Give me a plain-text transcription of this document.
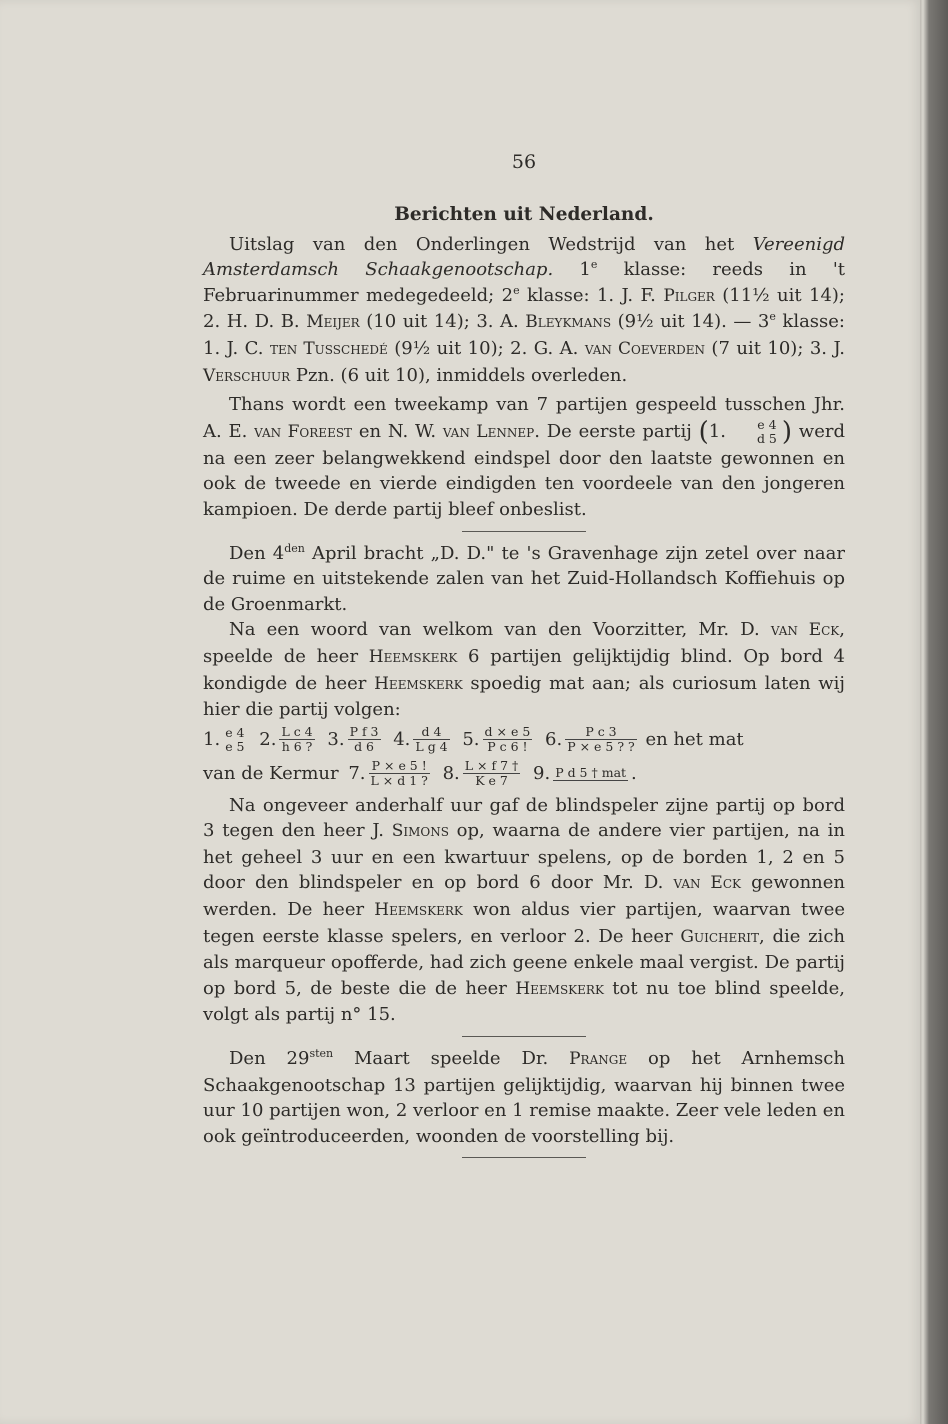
56
Berichten uit Nederland.

Uitslag van den Onderlingen Wedstrijd van het Vereenigd Amsterdamsch Schaakgenootschap. 1e klasse: reeds in 't Februarinummer medegedeeld; 2e klasse: 1. J. F. Pilger (11½ uit 14); 2. H. D. B. Meijer (10 uit 14); 3. A. Bleykmans (9½ uit 14). — 3e klasse: 1. J. C. ten Tusschedé (9½ uit 10); 2. G. A. van Coeverden (7 uit 10); 3. J. Verschuur Pzn. (6 uit 10), inmiddels overleden.

Thans wordt een tweekamp van 7 partijen gespeeld tusschen Jhr. A. E. van Foreest en N. W. van Lennep. De eerste partij (1.	e 4
d 5 ) werd na een zeer belangwekkend eindspel door den laatste gewonnen en ook de tweede en vierde eindigden ten voordeele van den jongeren kampioen. De derde partij bleef onbeslist.

Den $4^{den}$ April bracht „D. D." te 's Gravenhage zijn zetel over naar de ruime en uitstekende zalen van het Zuid-Hollandsch Koffiehuis op de Groenmarkt.

Na een woord van welkom van den Voorzitter, Mr. D. van Eck, speelde de heer Heemskerk 6 partijen gelijktijdig blind. Op bord 4 kondigde de heer Heemskerk spoedig mat aan; als curiosum laten wij hier die partij volgen:

1. e 4
e 5 2. $\frac{\text{L c 4}}{h 6 ?} 3$. $\frac{\text{P f 3}}{d 6} 4$. $\frac{d 4}{\text{L g 4}} 5$. $\frac{d \times e 5}{\text{P c 6 !}} 6$. $\frac{\text{P c 3}}{P \times e 5 ? ?}$ en het mat
van de Kermur 7. $\frac{P \times e 5 !}{L \times d 1 ?} 8$. $\frac{L \times f 7 \dagger}{\text{K e 7}} 9$. P d 5 † mat .

Na ongeveer anderhalf uur gaf de blindspeler zijne partij op bord 3 tegen den heer J. Simons op, waarna de andere vier partijen, na in het geheel 3 uur en een kwartuur spelens, op de borden 1, 2 en 5 door den blindspeler en op bord 6 door Mr. D. van Eck gewonnen werden. De heer Heemskerk won aldus vier partijen, waarvan twee tegen eerste klasse spelers, en verloor 2. De heer Guicherit, die zich als marqueur opofferde, had zich geene enkele maal vergist. De partij op bord 5, de beste die de heer Heemskerk tot nu toe blind speelde, volgt als partij n° 15.

Den $29^{sten}$ Maart speelde Dr. Prange op het Arnhemsch Schaakgenootschap 13 partijen gelijktijdig, waarvan hij binnen twee uur 10 partijen won, 2 verloor en 1 remise maakte. Zeer vele leden en ook geïntroduceerden, woonden de voorstelling bij.
